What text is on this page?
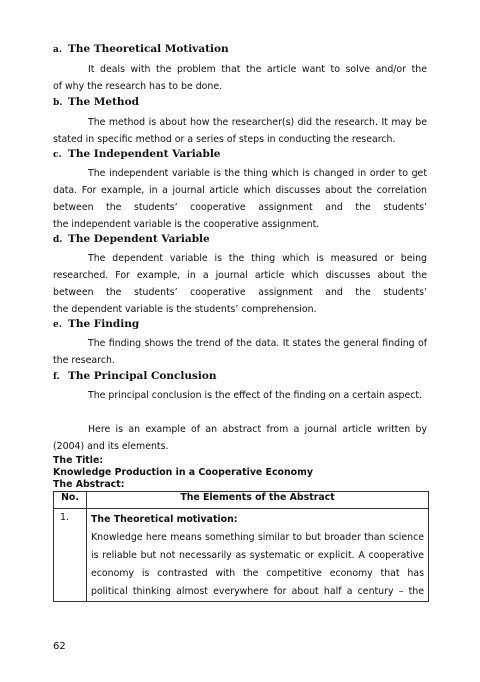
a. The Theoretical Motivation
It deals with the problem that the article want to solve and/or the
of why the research has to be done.
b. The Method
The method is about how the researcher(s) did the research. It may be
stated in specific method or a series of steps in conducting the research.
c. The Independent Variable
The independent variable is the thing which is changed in order to get
data. For example, in a journal article which discusses about the correlation
between the students’ cooperative assignment and the students’
the independent variable is the cooperative assignment.
d. The Dependent Variable
The dependent variable is the thing which is measured or being
researched. For example, in a journal article which discusses about the
between the students’ cooperative assignment and the students’
the dependent variable is the students’ comprehension.
e. The Finding
The finding shows the trend of the data. It states the general finding of
the research.
f. The Principal Conclusion
The principal conclusion is the effect of the finding on a certain aspect.
Here is an example of an abstract from a journal article written by
(2004) and its elements.
The Title:
Knowledge Production in a Cooperative Economy
The Abstract:
No.	The Elements of the Abstract
1.	The Theoretical motivation:
Knowledge here means something similar to but broader than science
is reliable but not necessarily as systematic or explicit. A cooperative
economy is contrasted with the competitive economy that has
political thinking almost everywhere for about half a century – the
62
